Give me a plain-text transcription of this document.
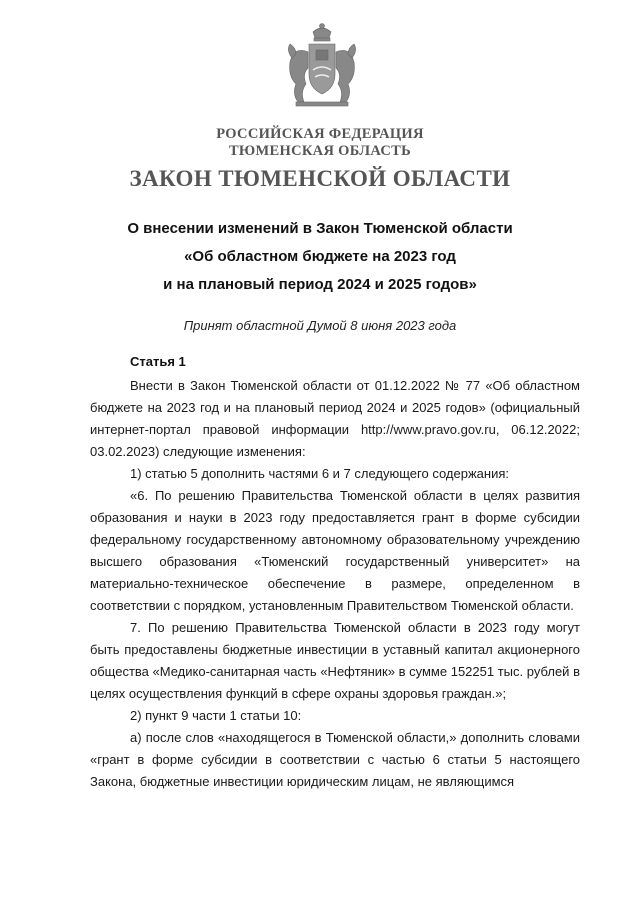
РОССИЙСКАЯ ФЕДЕРАЦИЯ
ТЮМЕНСКАЯ ОБЛАСТЬ
ЗАКОН ТЮМЕНСКОЙ ОБЛАСТИ
О внесении изменений в Закон Тюменской области
«Об областном бюджете на 2023 год
и на плановый период 2024 и 2025 годов»
Принят областной Думой 8 июня 2023 года
Статья 1

Внести в Закон Тюменской области от 01.12.2022 № 77 «Об областном бюджете на 2023 год и на плановый период 2024 и 2025 годов» (официальный интернет-портал правовой информации http://www.pravo.gov.ru, 06.12.2022; 03.02.2023) следующие изменения:

1) статью 5 дополнить частями 6 и 7 следующего содержания:

«6. По решению Правительства Тюменской области в целях развития образования и науки в 2023 году предоставляется грант в форме субсидии федеральному государственному автономному образовательному учреждению высшего образования «Тюменский государственный университет» на материально-техническое обеспечение в размере, определенном в соответствии с порядком, установленным Правительством Тюменской области.

7. По решению Правительства Тюменской области в 2023 году могут быть предоставлены бюджетные инвестиции в уставный капитал акционерного общества «Медико-санитарная часть «Нефтяник» в сумме 152251 тыс. рублей в целях осуществления функций в сфере охраны здоровья граждан.»;

2) пункт 9 части 1 статьи 10:

а) после слов «находящегося в Тюменской области,» дополнить словами «грант в форме субсидии в соответствии с частью 6 статьи 5 настоящего Закона, бюджетные инвестиции юридическим лицам, не являющимся
